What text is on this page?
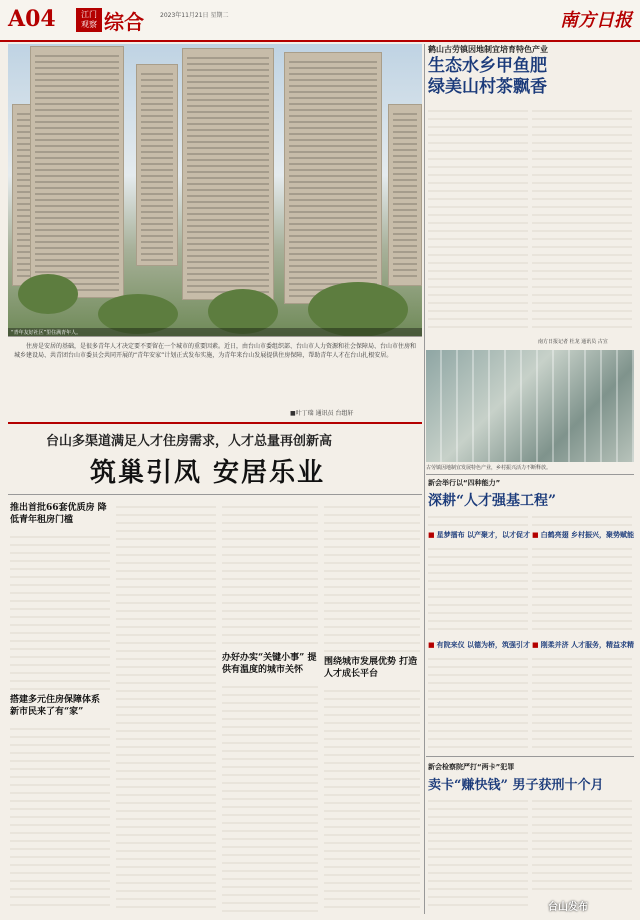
A04	江门观察 综合	2023年11月21日 星期二	南方日报
“青年友好社区”里住满青年人。
住房是安居的基础，是很多青年人才决定要不要留在一个城市的重要因素。近日，由台山市委组织部、台山市人力资源和社会保障局、台山市住房和城乡建设局、共青团台山市委员会共同开展的“青年安家”计划正式发布实施，为青年来台山发展提供住房保障，帮助青年人才在台山扎根安居。
■叶丁瑞 通讯员 台组轩
台山多渠道满足人才住房需求，人才总量再创新高
筑巢引凤 安居乐业
推出首批66套优质房 降低青年租房门槛
搭建多元住房保障体系 新市民来了有“家”
办好办实“关键小事” 提供有温度的城市关怀
围绕城市发展优势 打造人才成长平台
鹤山古劳镇因地制宜培育特色产业
生态水乡甲鱼肥
绿美山村茶飘香
南方日报记者 杜龙 通讯员 古宣
古劳镇因地制宜发展特色产业，乡村振兴活力不断释放。
新会举行以“四种能力”
深耕“人才强基工程”
■ 星梦擂布 以产聚才，以才促才	■ 白鹤亮翅 乡村振兴，聚势赋能
■ 有院来仪 以德为桥，筑强引才	■ 刚柔并济 人才服务，精益求精
新会检察院严打“两卡”犯罪
卖卡“赚快钱” 男子获刑十个月
台山发布
